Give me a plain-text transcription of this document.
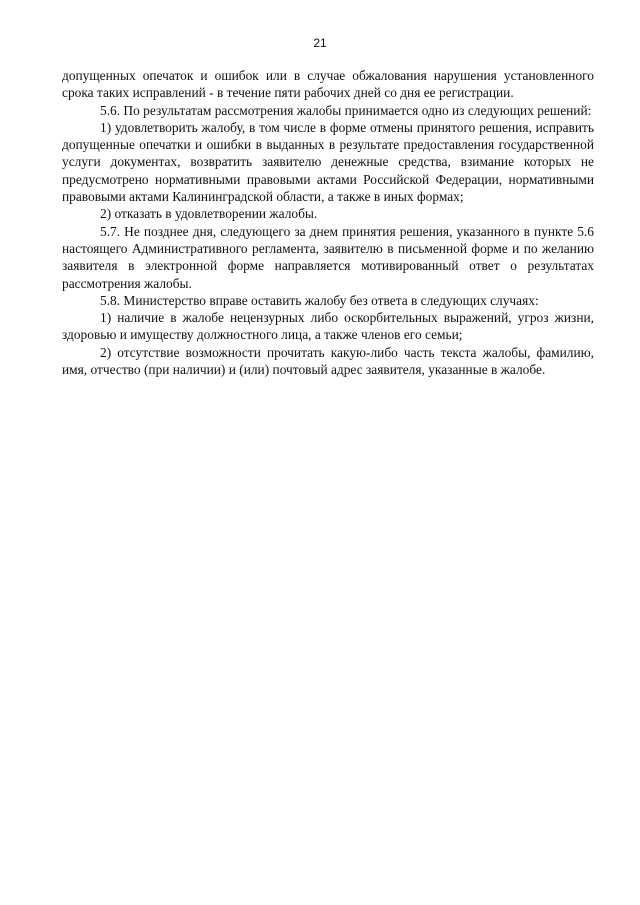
21

допущенных опечаток и ошибок или в случае обжалования нарушения установленного срока таких исправлений - в течение пяти рабочих дней со дня ее регистрации.

5.6. По результатам рассмотрения жалобы принимается одно из следующих решений:

1) удовлетворить жалобу, в том числе в форме отмены принятого решения, исправить допущенные опечатки и ошибки в выданных в результате предоставления государственной услуги документах, возвратить заявителю денежные средства, взимание которых не предусмотрено нормативными правовыми актами Российской Федерации, нормативными правовыми актами Калининградской области, а также в иных формах;

2) отказать в удовлетворении жалобы.

5.7. Не позднее дня, следующего за днем принятия решения, указанного в пункте 5.6 настоящего Административного регламента, заявителю в письменной форме и по желанию заявителя в электронной форме направляется мотивированный ответ о результатах рассмотрения жалобы.

5.8. Министерство вправе оставить жалобу без ответа в следующих случаях:

1) наличие в жалобе нецензурных либо оскорбительных выражений, угроз жизни, здоровью и имуществу должностного лица, а также членов его семьи;

2) отсутствие возможности прочитать какую-либо часть текста жалобы, фамилию, имя, отчество (при наличии) и (или) почтовый адрес заявителя, указанные в жалобе.
